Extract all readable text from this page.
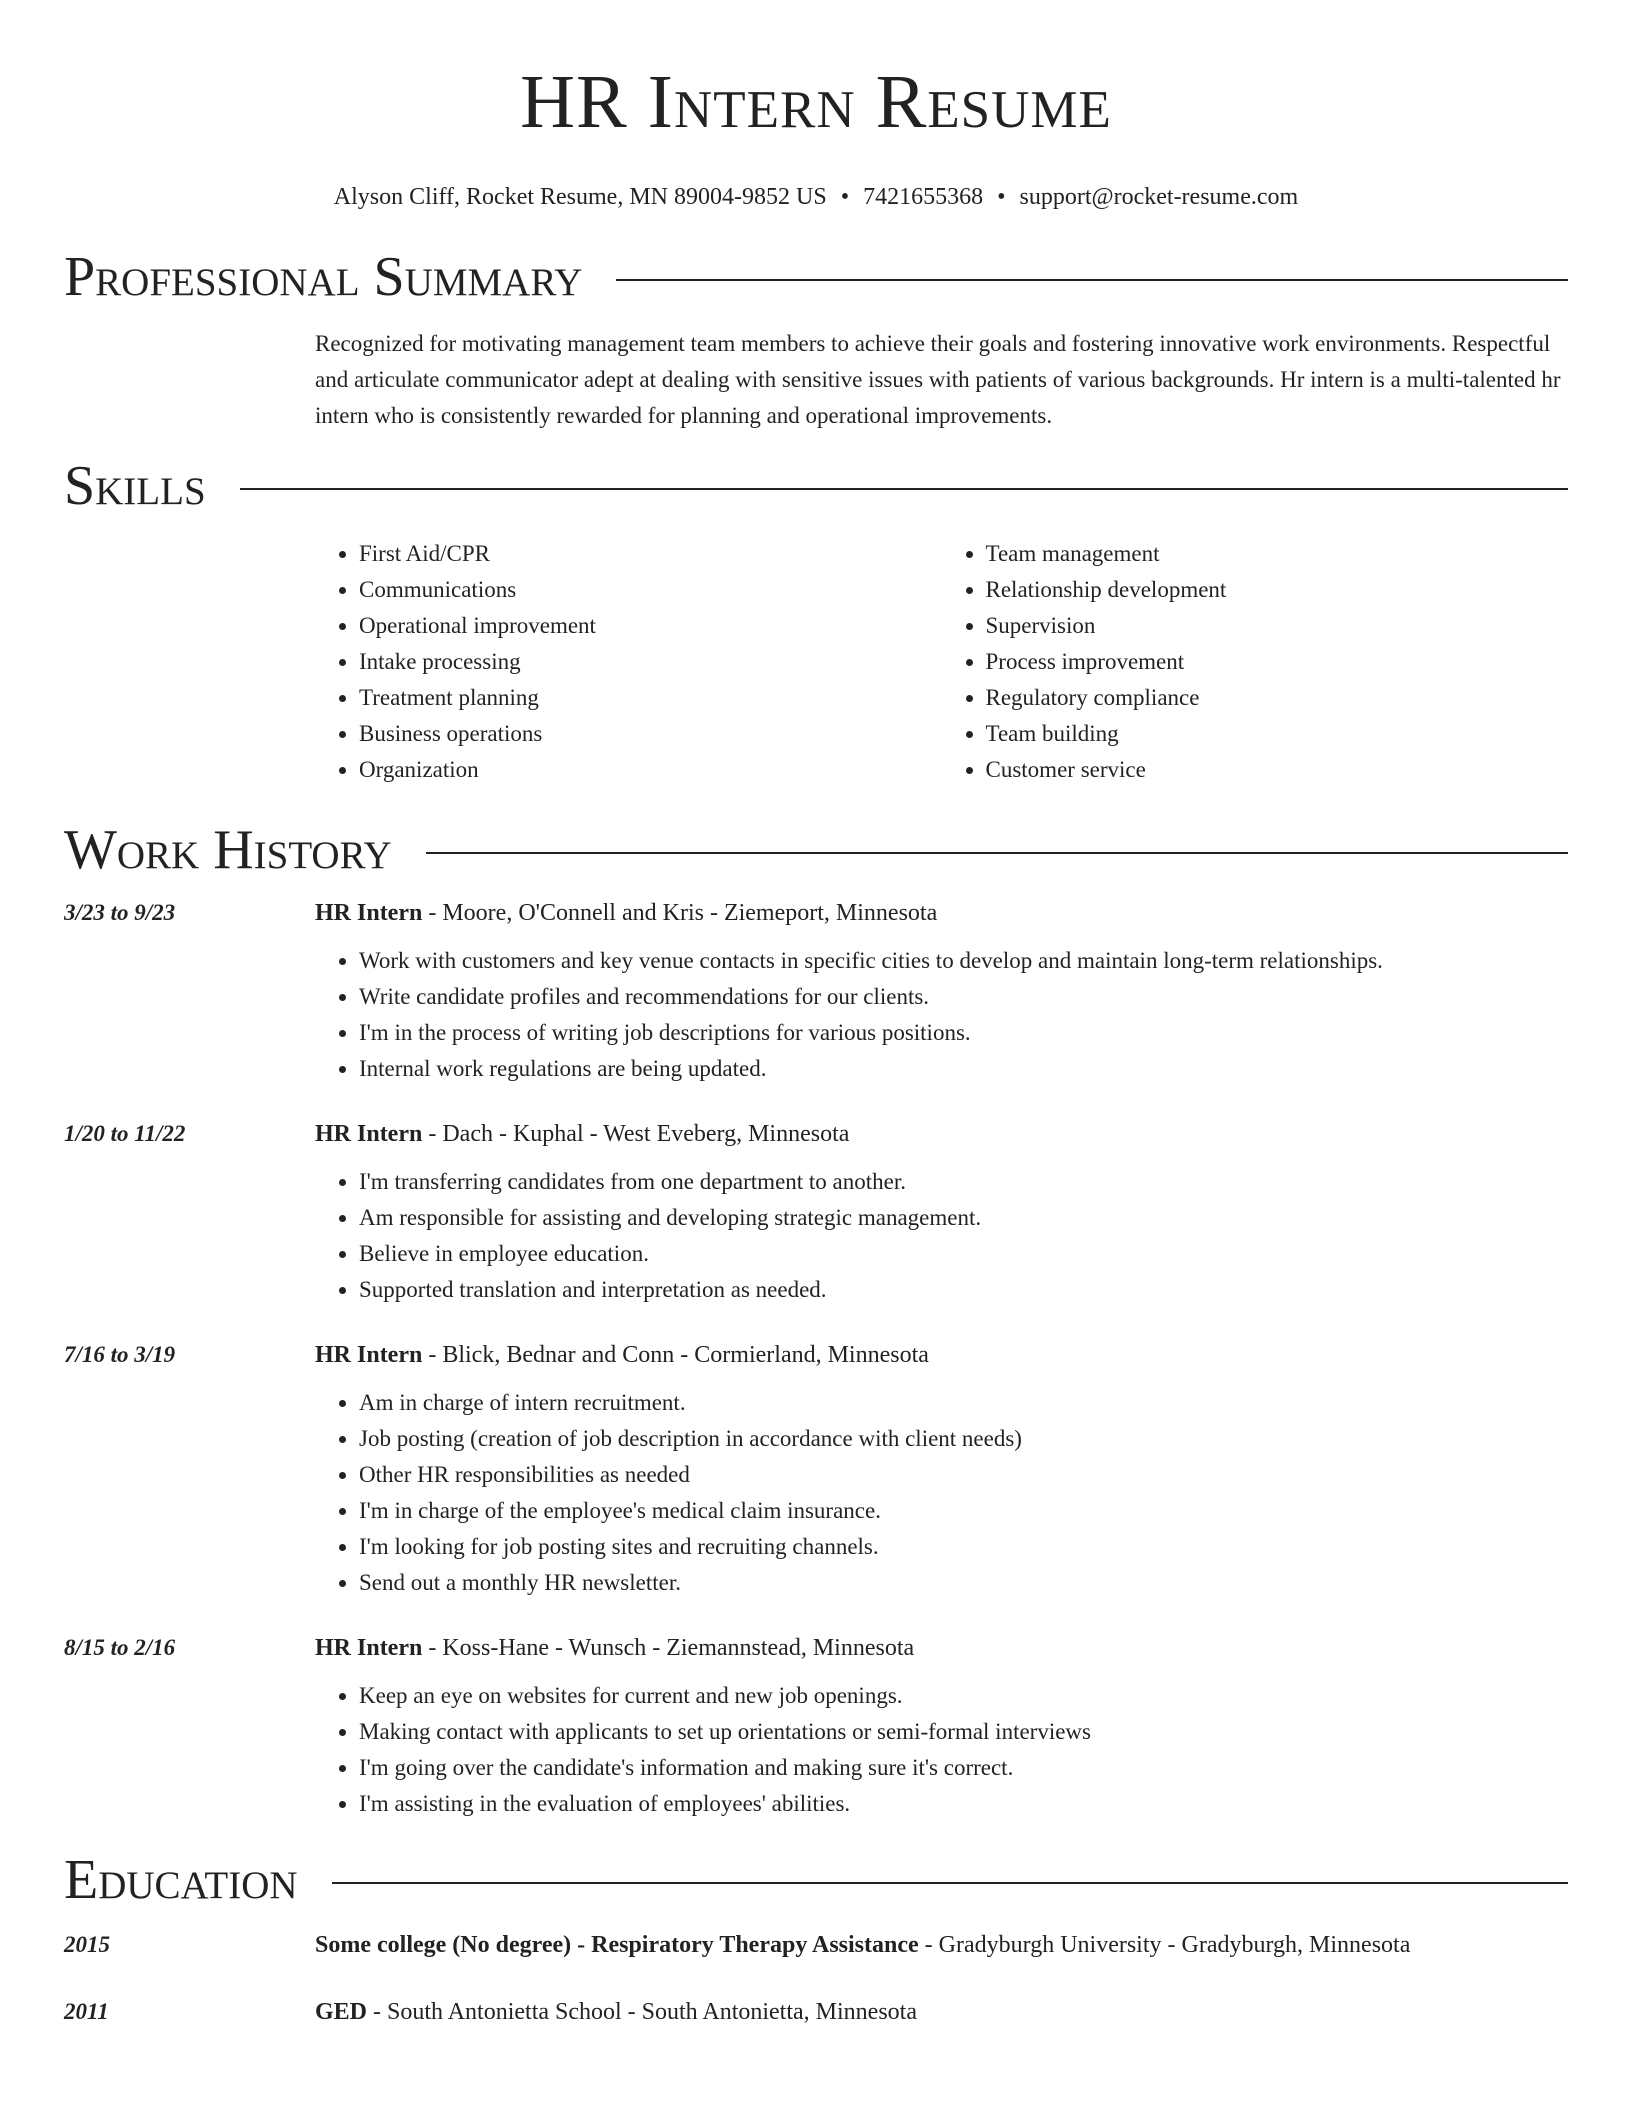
HR Intern Resume
Alyson Cliff, Rocket Resume, MN 89004-9852 US • 7421655368 • support@rocket-resume.com
Professional Summary
Recognized for motivating management team members to achieve their goals and fostering innovative work environments. Respectful and articulate communicator adept at dealing with sensitive issues with patients of various backgrounds. Hr intern is a multi-talented hr intern who is consistently rewarded for planning and operational improvements.
Skills
• First Aid/CPR
• Communications
• Operational improvement
• Intake processing
• Treatment planning
• Business operations
• Organization
• Team management
• Relationship development
• Supervision
• Process improvement
• Regulatory compliance
• Team building
• Customer service
Work History
3/23 to 9/23	HR Intern - Moore, O'Connell and Kris - Ziemeport, Minnesota
• Work with customers and key venue contacts in specific cities to develop and maintain long-term relationships.
• Write candidate profiles and recommendations for our clients.
• I'm in the process of writing job descriptions for various positions.
• Internal work regulations are being updated.
1/20 to 11/22	HR Intern - Dach - Kuphal - West Eveberg, Minnesota
• I'm transferring candidates from one department to another.
• Am responsible for assisting and developing strategic management.
• Believe in employee education.
• Supported translation and interpretation as needed.
7/16 to 3/19	HR Intern - Blick, Bednar and Conn - Cormierland, Minnesota
• Am in charge of intern recruitment.
• Job posting (creation of job description in accordance with client needs)
• Other HR responsibilities as needed
• I'm in charge of the employee's medical claim insurance.
• I'm looking for job posting sites and recruiting channels.
• Send out a monthly HR newsletter.
8/15 to 2/16	HR Intern - Koss-Hane - Wunsch - Ziemannstead, Minnesota
• Keep an eye on websites for current and new job openings.
• Making contact with applicants to set up orientations or semi-formal interviews
• I'm going over the candidate's information and making sure it's correct.
• I'm assisting in the evaluation of employees' abilities.
Education
2015	Some college (No degree) - Respiratory Therapy Assistance - Gradyburgh University - Gradyburgh, Minnesota
2011	GED - South Antonietta School - South Antonietta, Minnesota
